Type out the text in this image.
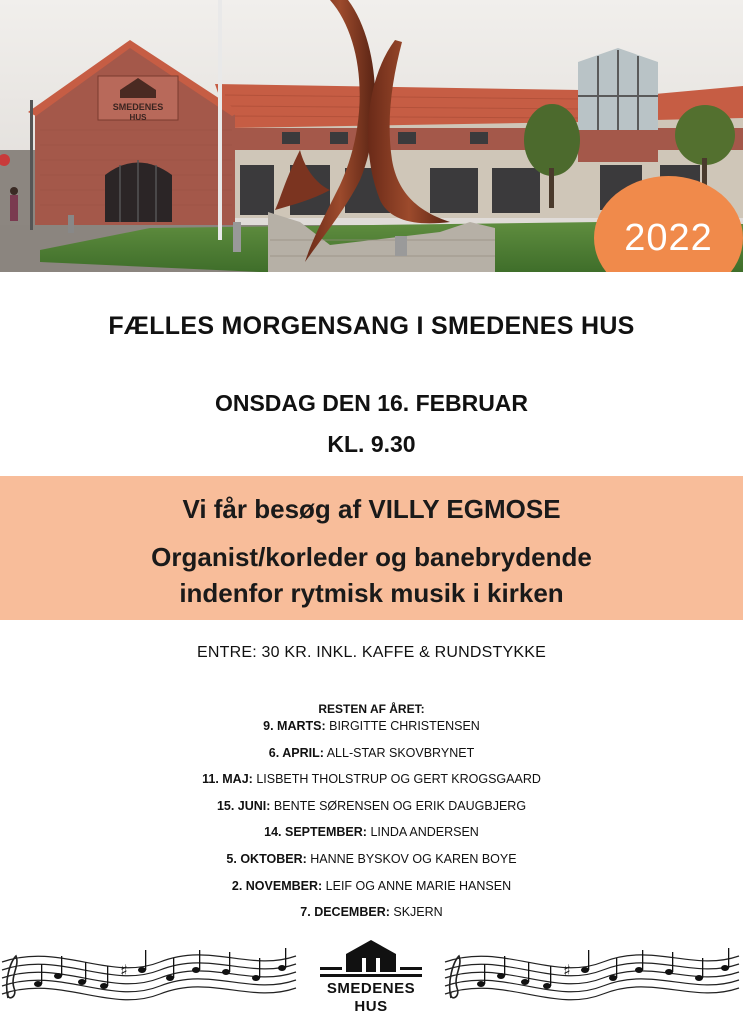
SMEDENES
HUS
2022
FÆLLES MORGENSANG I SMEDENES HUS
ONSDAG DEN 16. FEBRUAR
KL. 9.30
Vi får besøg af VILLY EGMOSE
Organist/korleder og banebrydende
indenfor rytmisk musik i kirken
ENTRE: 30 KR. INKL. KAFFE & RUNDSTYKKE
RESTEN AF ÅRET:
9. MARTS: BIRGITTE CHRISTENSEN
6. APRIL: ALL-STAR SKOVBRYNET
11. MAJ: LISBETH THOLSTRUP OG GERT KROGSGAARD
15. JUNI: BENTE SØRENSEN OG ERIK DAUGBJERG
14. SEPTEMBER: LINDA ANDERSEN
5. OKTOBER: HANNE BYSKOV OG KAREN BOYE
2. NOVEMBER: LEIF OG ANNE MARIE HANSEN
7. DECEMBER: SKJERN
♯
SMEDENES
HUS
♯
